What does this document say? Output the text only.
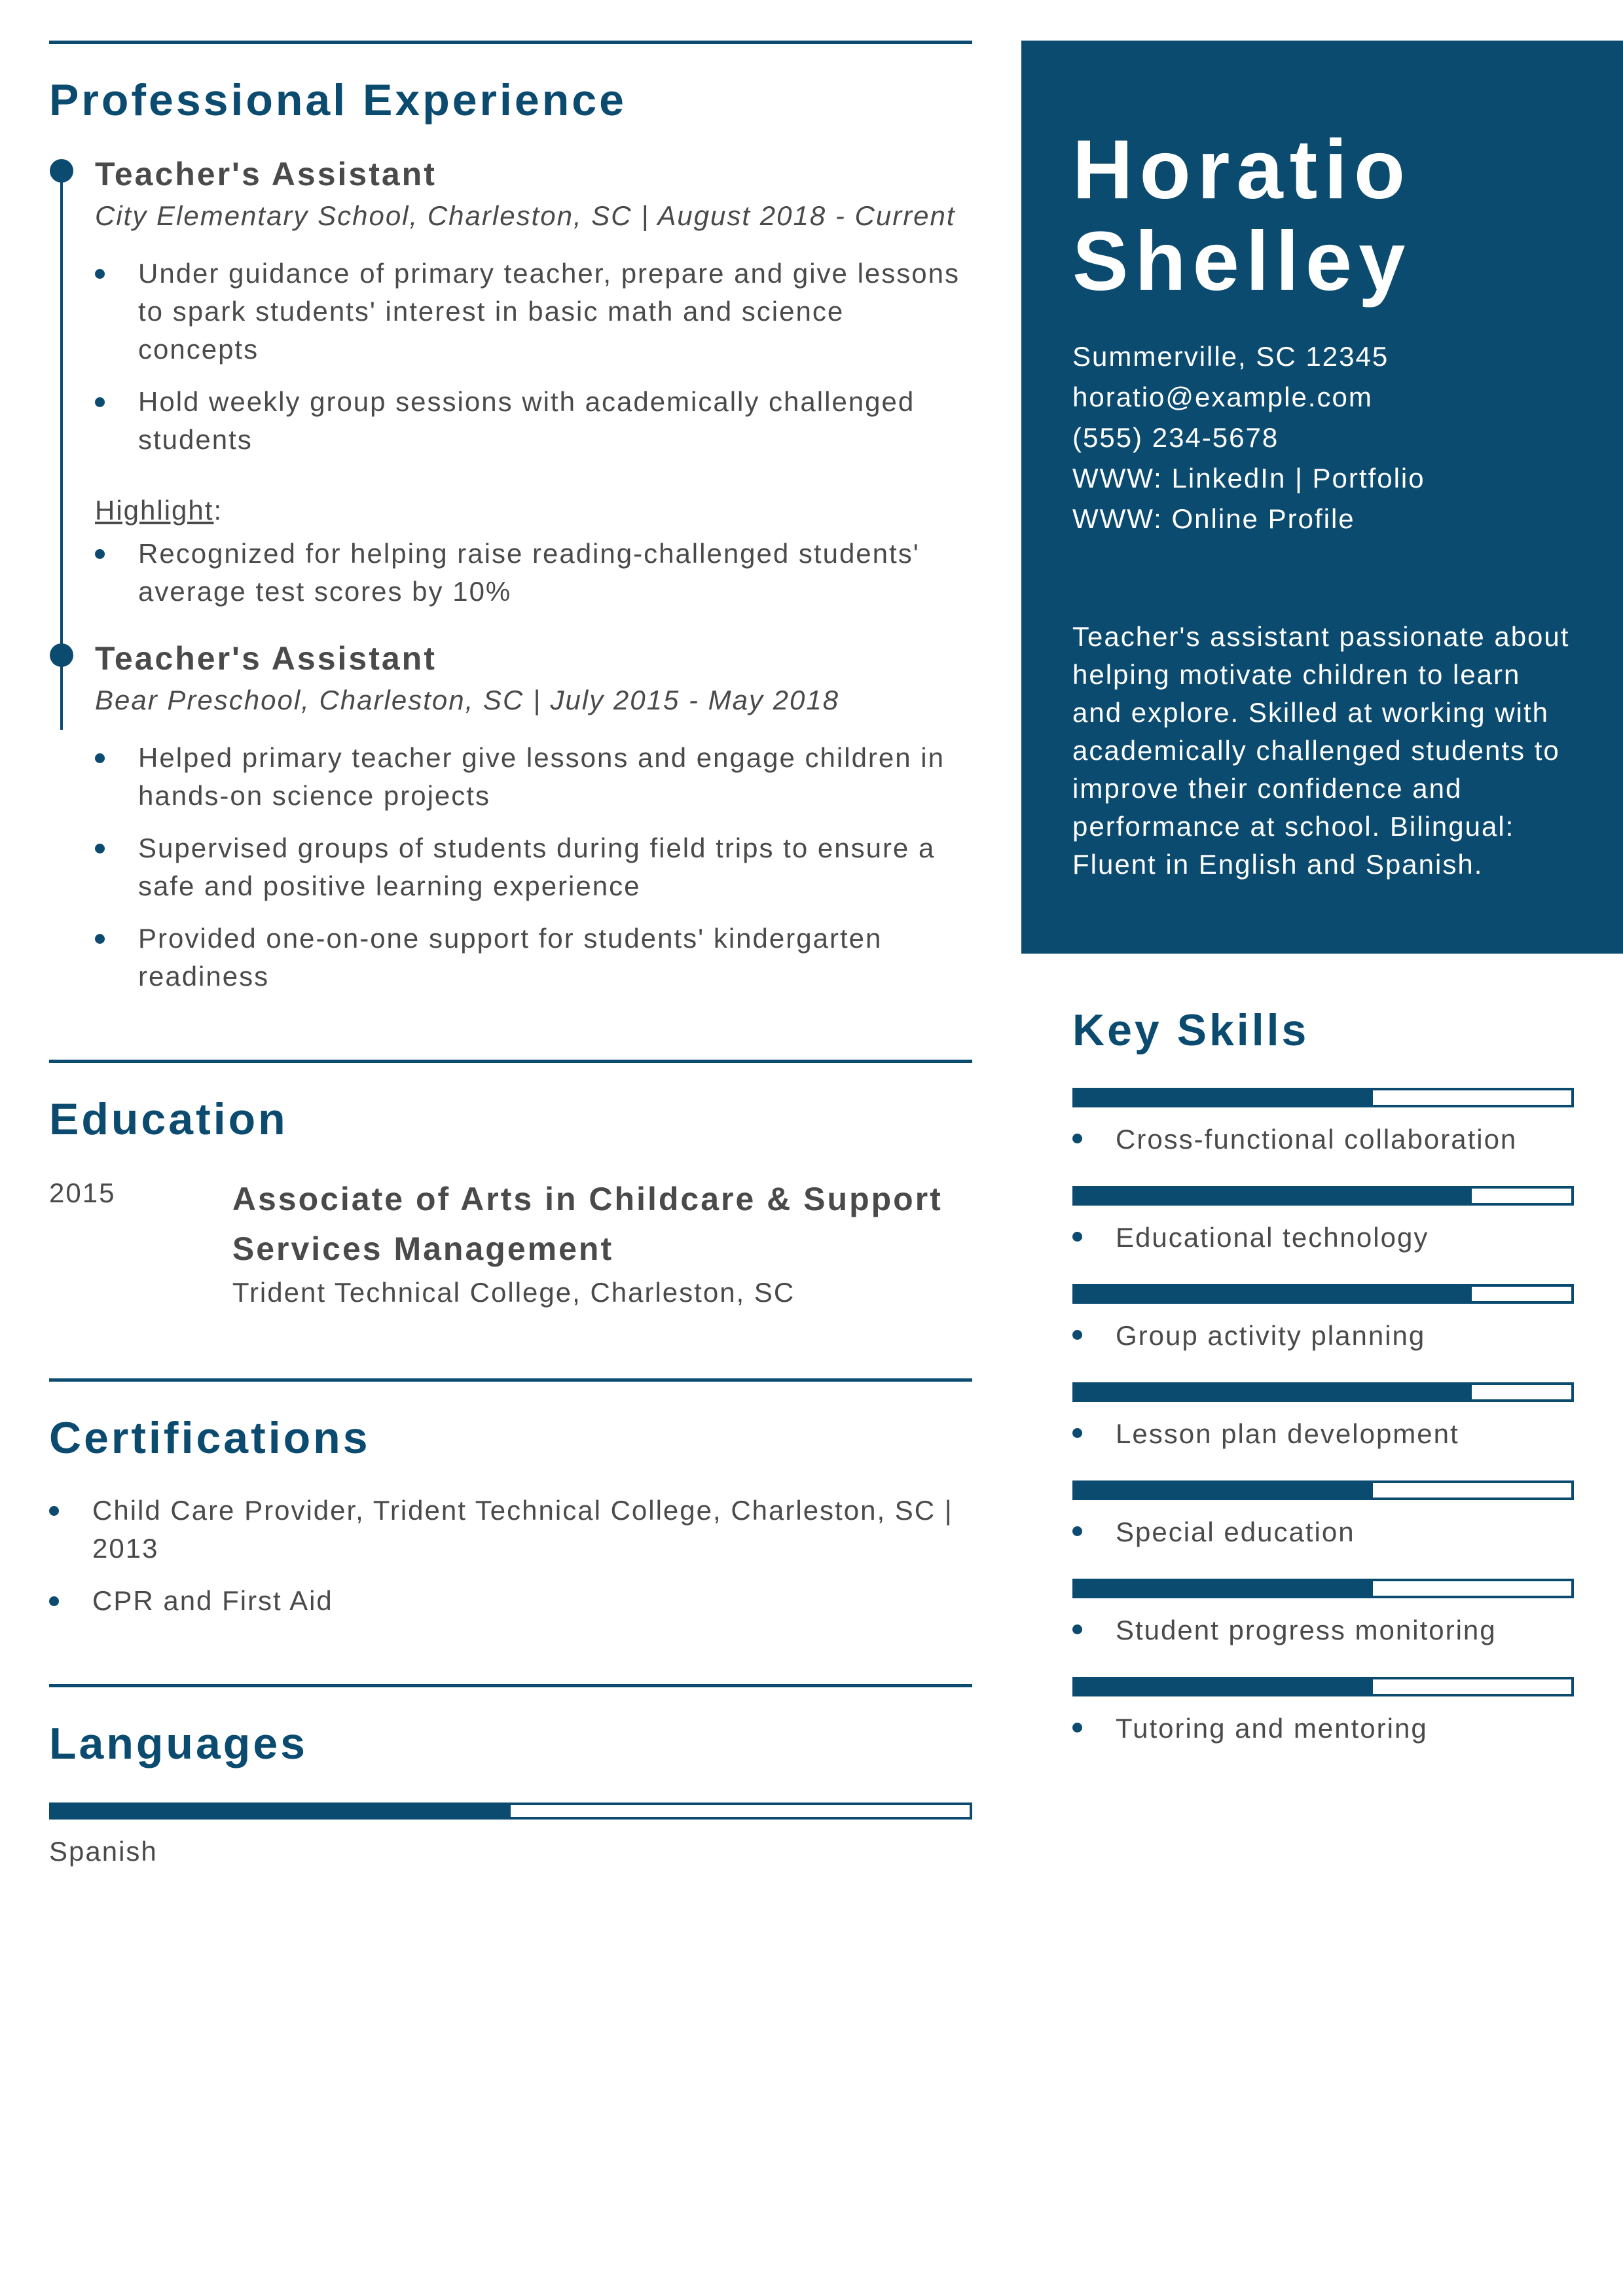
Professional Experience
Teacher's Assistant
City Elementary School, Charleston, SC | August 2018 - Current
Under guidance of primary teacher, prepare and give lessons to spark students' interest in basic math and science concepts
Hold weekly group sessions with academically challenged students
Highlight:
Recognized for helping raise reading-challenged students' average test scores by 10%
Teacher's Assistant
Bear Preschool, Charleston, SC | July 2015 - May 2018
Helped primary teacher give lessons and engage children in hands-on science projects
Supervised groups of students during field trips to ensure a safe and positive learning experience
Provided one-on-one support for students' kindergarten readiness
Education
2015	Associate of Arts in Childcare & Support Services Management
Trident Technical College, Charleston, SC
Certifications
Child Care Provider, Trident Technical College, Charleston, SC | 2013
CPR and First Aid
Languages
Spanish
Horatio
Shelley
Summerville, SC 12345
horatio@example.com
(555) 234-5678
WWW: LinkedIn | Portfolio
WWW: Online Profile
Teacher's assistant passionate about helping motivate children to learn and explore. Skilled at working with academically challenged students to improve their confidence and performance at school. Bilingual: Fluent in English and Spanish.
Key Skills
Cross-functional collaboration
Educational technology
Group activity planning
Lesson plan development
Special education
Student progress monitoring
Tutoring and mentoring
